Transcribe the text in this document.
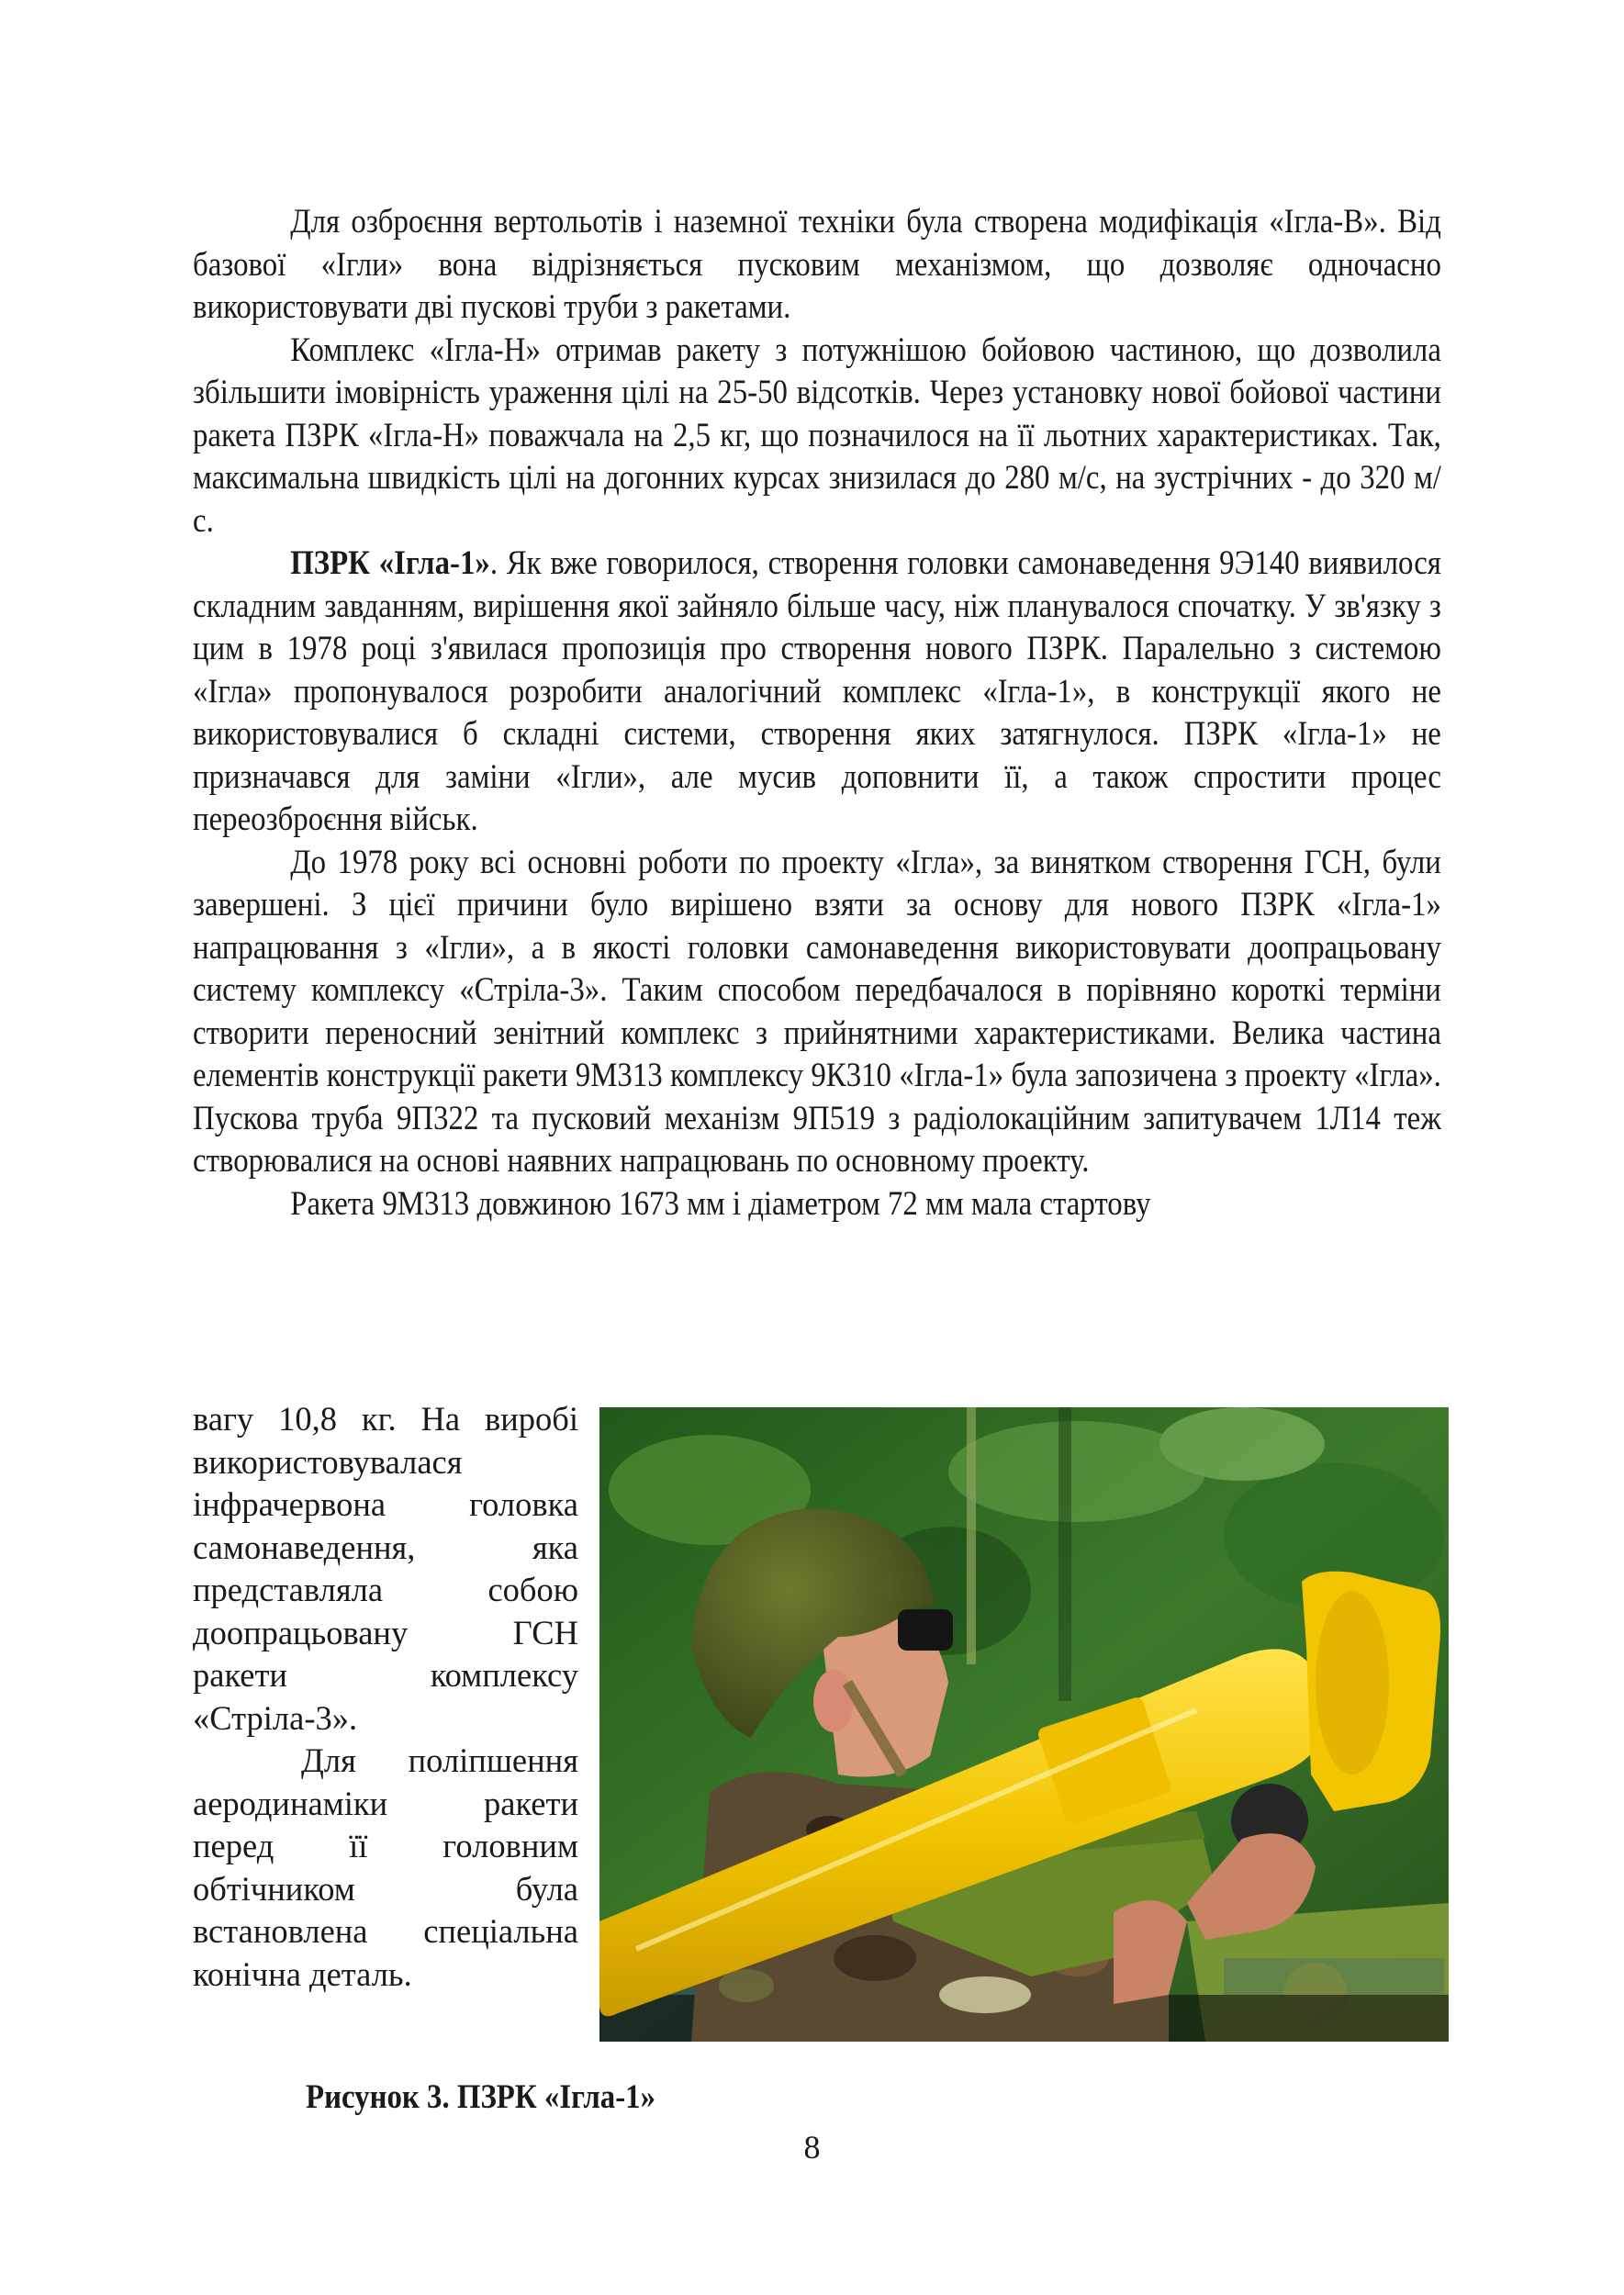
Для озброєння вертольотів і наземної техніки була створена модифікація «Ігла-В». Від базової «Ігли» вона відрізняється пусковим механізмом, що дозволяє одночасно використовувати дві пускові труби з ракетами.

Комплекс «Ігла-Н» отримав ракету з потужнішою бойовою частиною, що дозволила збільшити імовірність ураження цілі на 25-50 відсотків. Через установку нової бойової частини ракета ПЗРК «Ігла-Н» поважчала на 2,5 кг, що позначилося на її льотних характеристиках. Так, максимальна швидкість цілі на догонних курсах знизилася до 280 м/с, на зустрічних - до 320 м/с.

ПЗРК «Ігла-1». Як вже говорилося, створення головки самонаведення 9Э140 виявилося складним завданням, вирішення якої зайняло більше часу, ніж планувалося спочатку. У зв'язку з цим в 1978 році з'явилася пропозиція про створення нового ПЗРК. Паралельно з системою «Ігла» пропонувалося розробити аналогічний комплекс «Ігла-1», в конструкції якого не використовувалися б складні системи, створення яких затягнулося. ПЗРК «Ігла-1» не призначався для заміни «Ігли», але мусив доповнити її, а також спростити процес переозброєння військ.

До 1978 року всі основні роботи по проекту «Ігла», за винятком створення ГСН, були завершені. З цієї причини було вирішено взяти за основу для нового ПЗРК «Ігла-1» напрацювання з «Ігли», а в якості головки самонаведення використовувати доопрацьовану систему комплексу «Стріла-3». Таким способом передбачалося в порівняно короткі терміни створити переносний зенітний комплекс з прийнятними характеристиками. Велика частина елементів конструкції ракети 9М313 комплексу 9К310 «Ігла-1» була запозичена з проекту «Ігла». Пускова труба 9П322 та пусковий механізм 9П519 з радіолокаційним запитувачем 1Л14 теж створювалися на основі наявних напрацювань по основному проекту.

Ракета 9М313 довжиною 1673 мм і діаметром 72 мм мала стартову

вагу 10,8 кг. На виробі
використовувалася
інфрачервона головка
самонаведення, яка
представляла собою
доопрацьовану ГСН
ракети комплексу
«Стріла-3».
Для поліпшення
аеродинаміки ракети
перед її головним
обтічником була
встановлена спеціальна
конічна деталь.
Рисунок 3. ПЗРК «Ігла-1»
8
